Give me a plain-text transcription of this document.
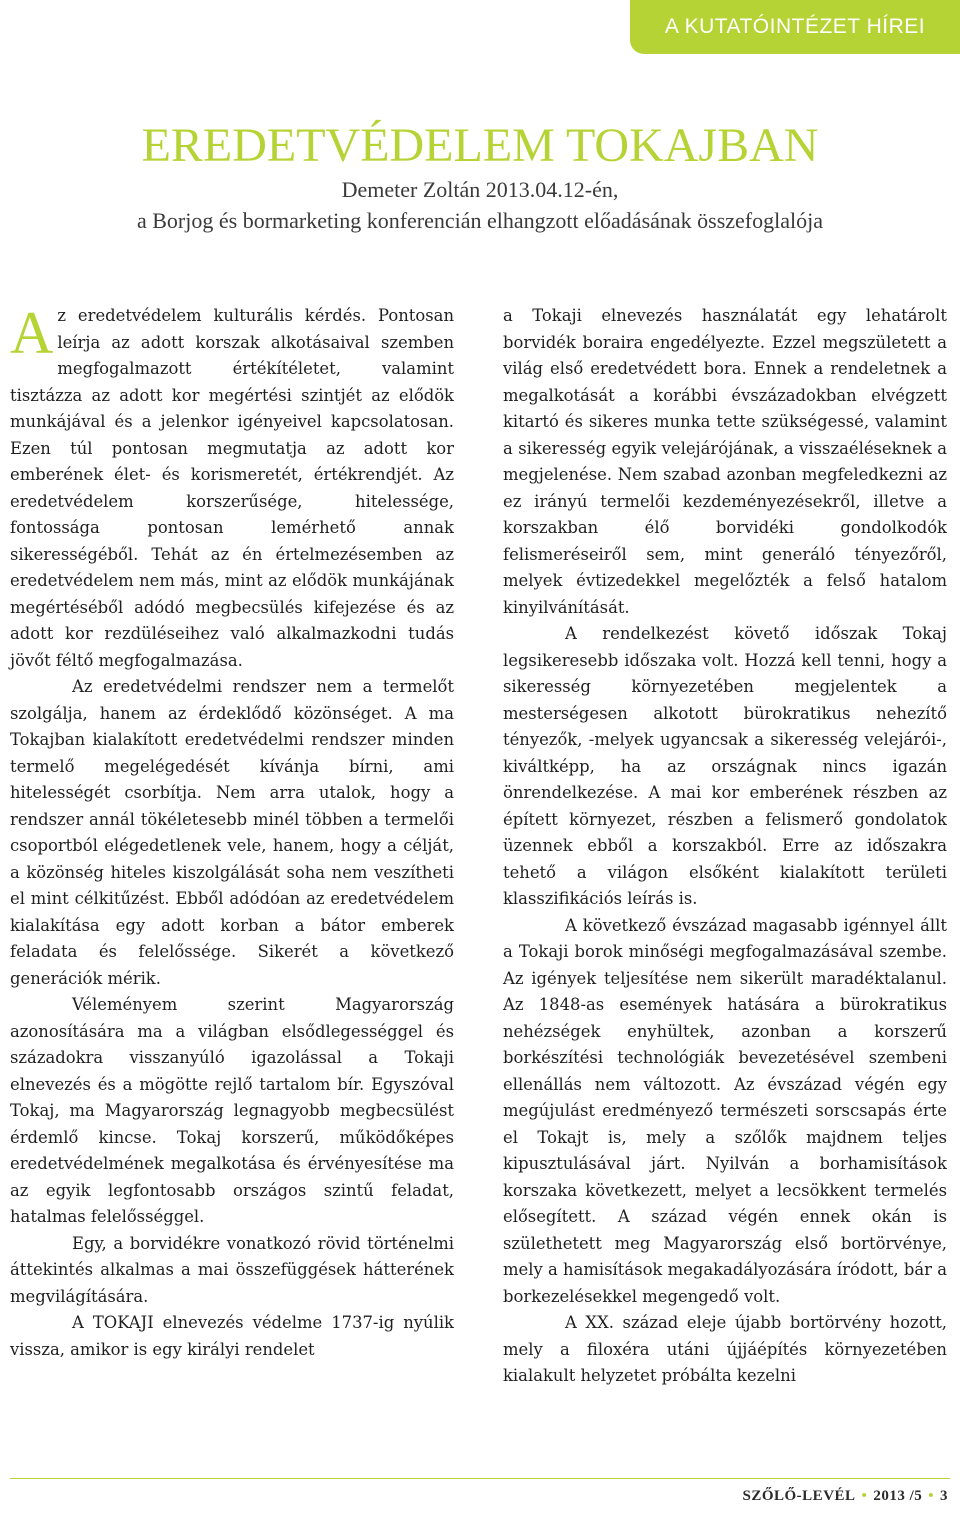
A KUTATÓINTÉZET HÍREI
EREDETVÉDELEM TOKAJBAN

Demeter Zoltán 2013.04.12-én,

a Borjog és bormarketing konferencián elhangzott előadásának összefoglalója

Az eredetvédelem kulturális kérdés. Pontosan leírja az adott korszak alkotásaival szemben megfogalmazott értékítéletet, valamint tisztázza az adott kor megértési szintjét az elődök munkájával és a jelenkor igényeivel kapcsolatosan. Ezen túl pontosan megmutatja az adott kor emberének élet- és korismeretét, értékrendjét. Az eredetvédelem korszerűsége, hitelessége, fontossága pontosan lemérhető annak sikerességéből. Tehát az én értelmezésemben az eredetvédelem nem más, mint az elődök munkájának megértéséből adódó megbecsülés kifejezése és az adott kor rezdüléseihez való alkalmazkodni tudás jövőt féltő megfogalmazása.

Az eredetvédelmi rendszer nem a termelőt szolgálja, hanem az érdeklődő közönséget. A ma Tokajban kialakított eredetvédelmi rendszer minden termelő megelégedését kívánja bírni, ami hitelességét csorbítja. Nem arra utalok, hogy a rendszer annál tökéletesebb minél többen a termelői csoportból elégedetlenek vele, hanem, hogy a célját, a közönség hiteles kiszolgálását soha nem veszítheti el mint célkitűzést. Ebből adódóan az eredetvédelem kialakítása egy adott korban a bátor emberek feladata és felelőssége. Sikerét a következő generációk mérik.

Véleményem szerint Magyarország azonosítására ma a világban elsődlegességgel és századokra visszanyúló igazolással a Tokaji elnevezés és a mögötte rejlő tartalom bír. Egyszóval Tokaj, ma Magyarország legnagyobb megbecsülést érdemlő kincse. Tokaj korszerű, működőképes eredetvédelmének megalkotása és érvényesítése ma az egyik legfontosabb országos szintű feladat, hatalmas felelősséggel.

Egy, a borvidékre vonatkozó rövid történelmi áttekintés alkalmas a mai összefüggések hátterének megvilágítására.

A TOKAJI elnevezés védelme 1737-ig nyúlik vissza, amikor is egy királyi rendelet

a Tokaji elnevezés használatát egy lehatárolt borvidék boraira engedélyezte. Ezzel megszületett a világ első eredetvédett bora. Ennek a rendeletnek a megalkotását a korábbi évszázadokban elvégzett kitartó és sikeres munka tette szükségessé, valamint a sikeresség egyik velejárójának, a visszaéléseknek a megjelenése. Nem szabad azonban megfeledkezni az ez irányú termelői kezdeményezésekről, illetve a korszakban élő borvidéki gondolkodók felismeréseiről sem, mint generáló tényezőről, melyek évtizedekkel megelőzték a felső hatalom kinyilvánítását.

A rendelkezést követő időszak Tokaj legsikeresebb időszaka volt. Hozzá kell tenni, hogy a sikeresség környezetében megjelentek a mesterségesen alkotott bürokratikus nehezítő tényezők, -melyek ugyancsak a sikeresség velejárói-, kiváltképp, ha az országnak nincs igazán önrendelkezése. A mai kor emberének részben az épített környezet, részben a felismerő gondolatok üzennek ebből a korszakból. Erre az időszakra tehető a világon elsőként kialakított területi klasszifikációs leírás is.

A következő évszázad magasabb igénnyel állt a Tokaji borok minőségi megfogalmazásával szembe. Az igények teljesítése nem sikerült maradéktalanul. Az 1848-as események hatására a bürokratikus nehézségek enyhültek, azonban a korszerű borkészítési technológiák bevezetésével szembeni ellenállás nem változott. Az évszázad végén egy megújulást eredményező természeti sorscsapás érte el Tokajt is, mely a szőlők majdnem teljes kipusztulásával járt. Nyilván a borhamisítások korszaka következett, melyet a lecsökkent termelés elősegített. A század végén ennek okán is születhetett meg Magyarország első bortörvénye, mely a hamisítások megakadályozására íródott, bár a borkezelésekkel megengedő volt.

A XX. század eleje újabb bortörvény hozott, mely a filoxéra utáni újjáépítés környezetében kialakult helyzetet próbálta kezelni

SZŐLŐ-LEVÉL • 2013 /5 • 3
